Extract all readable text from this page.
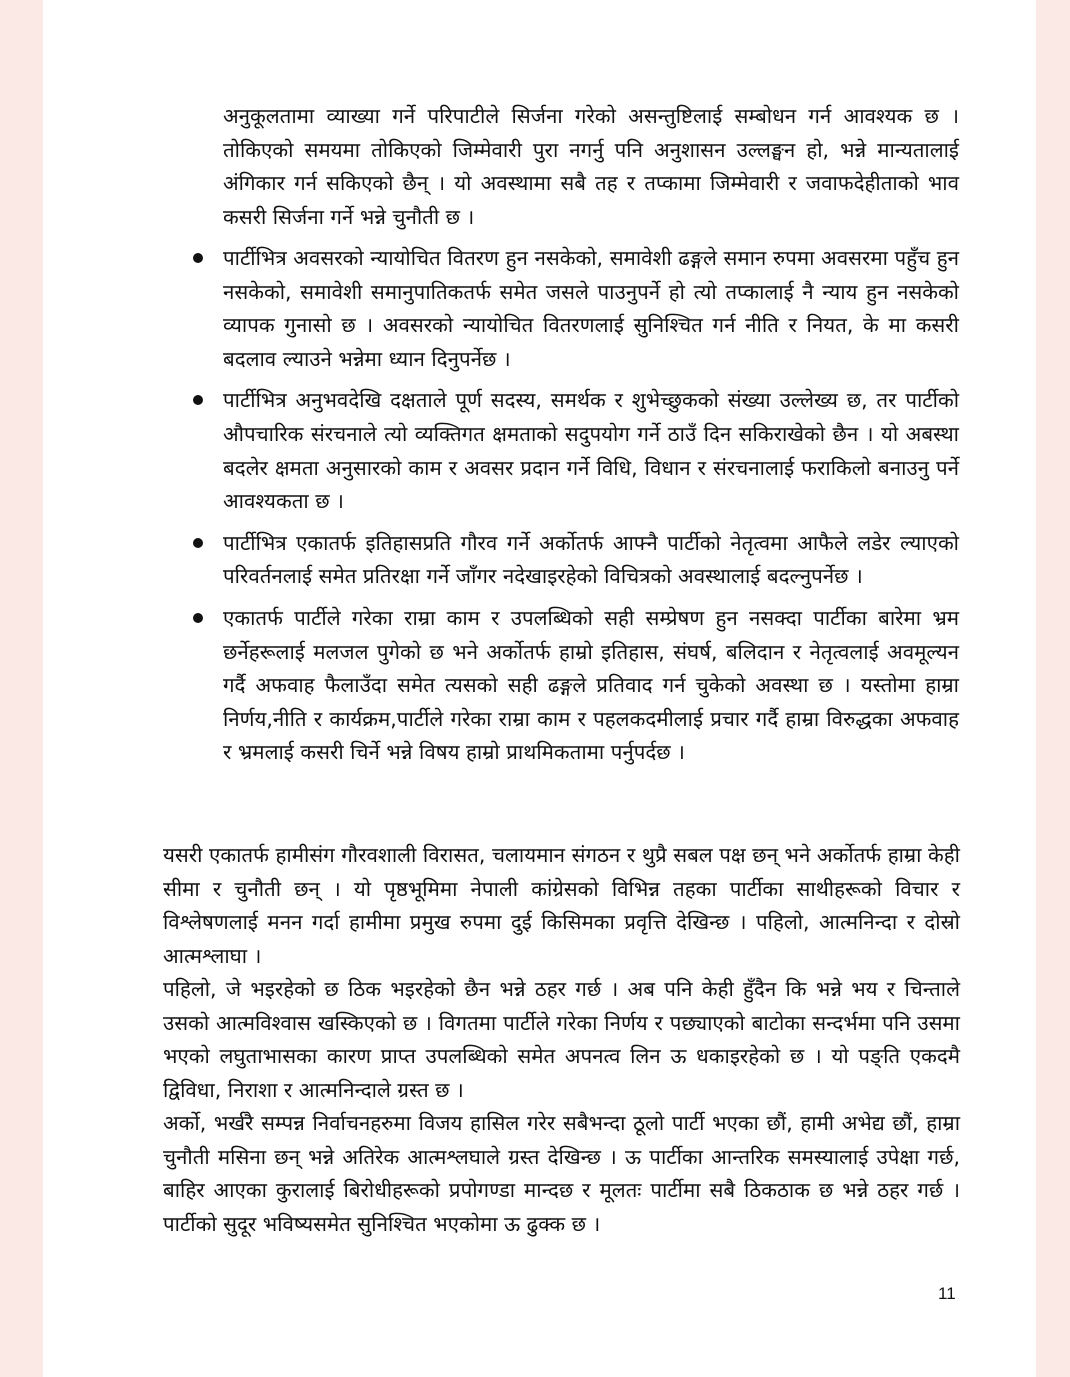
अनुकूलतामा व्याख्या गर्ने परिपाटीले सिर्जना गरेको असन्तुष्टिलाई सम्बोधन गर्न आवश्यक छ । तोकिएको समयमा तोकिएको जिम्मेवारी पुरा नगर्नु पनि अनुशासन उल्लङ्घन हो, भन्ने मान्यतालाई अंगिकार गर्न सकिएको छैन् । यो अवस्थामा सबै तह र तप्कामा जिम्मेवारी र जवाफदेहीताको भाव कसरी सिर्जना गर्ने भन्ने चुनौती छ ।

पार्टीभित्र अवसरको न्यायोचित वितरण हुन नसकेको, समावेशी ढङ्गले समान रुपमा अवसरमा पहुँच हुन नसकेको, समावेशी समानुपातिकतर्फ समेत जसले पाउनुपर्ने हो त्यो तप्कालाई नै न्याय हुन नसकेको व्यापक गुनासो छ । अवसरको न्यायोचित वितरणलाई सुनिश्चित गर्न नीति र नियत, के मा कसरी बदलाव ल्याउने भन्नेमा ध्यान दिनुपर्नेछ ।
पार्टीभित्र अनुभवदेखि दक्षताले पूर्ण सदस्य, समर्थक र शुभेच्छुकको संख्या उल्लेख्य छ, तर पार्टीको औपचारिक संरचनाले त्यो व्यक्तिगत क्षमताको सदुपयोग गर्ने ठाउँ दिन सकिराखेको छैन । यो अबस्था बदलेर क्षमता अनुसारको काम र अवसर प्रदान गर्ने विधि, विधान र संरचनालाई फराकिलो बनाउनु पर्ने आवश्यकता छ ।
पार्टीभित्र एकातर्फ इतिहासप्रति गौरव गर्ने अर्कोतर्फ आफ्नै पार्टीको नेतृत्वमा आफैले लडेर ल्याएको परिवर्तनलाई समेत प्रतिरक्षा गर्ने जाँगर नदेखाइरहेको विचित्रको अवस्थालाई बदल्नुपर्नेछ ।
एकातर्फ पार्टीले गरेका राम्रा काम र उपलब्धिको सही सम्प्रेषण हुन नसक्दा पार्टीका बारेमा भ्रम छर्नेहरूलाई मलजल पुगेको छ भने अर्कोतर्फ हाम्रो इतिहास, संघर्ष, बलिदान र नेतृत्वलाई अवमूल्यन गर्दै अफवाह फैलाउँदा समेत त्यसको सही ढङ्गले प्रतिवाद गर्न चुकेको अवस्था छ । यस्तोमा हाम्रा निर्णय,नीति र कार्यक्रम,पार्टीले गरेका राम्रा काम र पहलकदमीलाई प्रचार गर्दै हाम्रा विरुद्धका अफवाह र भ्रमलाई कसरी चिर्ने भन्ने विषय हाम्रो प्राथमिकतामा पर्नुपर्दछ ।

यसरी एकातर्फ हामीसंग गौरवशाली विरासत, चलायमान संगठन र थुप्रै सबल पक्ष छन् भने अर्कोतर्फ हाम्रा केही सीमा र चुनौती छन् । यो पृष्ठभूमिमा नेपाली कांग्रेसको विभिन्न तहका पार्टीका साथीहरूको विचार र विश्लेषणलाई मनन गर्दा हामीमा प्रमुख रुपमा दुई किसिमका प्रवृत्ति देखिन्छ । पहिलो, आत्मनिन्दा र दोस्रो आत्मश्लाघा ।

पहिलो, जे भइरहेको छ ठिक भइरहेको छैन भन्ने ठहर गर्छ । अब पनि केही हुँदैन कि भन्ने भय र चिन्ताले उसको आत्मविश्वास खस्किएको छ । विगतमा पार्टीले गरेका निर्णय र पछ्याएको बाटोका सन्दर्भमा पनि उसमा भएको लघुताभासका कारण प्राप्त उपलब्धिको समेत अपनत्व लिन ऊ धकाइरहेको छ । यो पङ्ति एकदमै द्विविधा, निराशा र आत्मनिन्दाले ग्रस्त छ ।

अर्को, भर्खरै सम्पन्न निर्वाचनहरुमा विजय हासिल गरेर सबैभन्दा ठूलो पार्टी भएका छौं, हामी अभेद्य छौं, हाम्रा चुनौती मसिना छन् भन्ने अतिरेक आत्मश्लघाले ग्रस्त देखिन्छ । ऊ पार्टीका आन्तरिक समस्यालाई उपेक्षा गर्छ, बाहिर आएका कुरालाई बिरोधीहरूको प्रपोगण्डा मान्दछ र मूलतः पार्टीमा सबै ठिकठाक छ भन्ने ठहर गर्छ । पार्टीको सुदूर भविष्यसमेत सुनिश्चित भएकोमा ऊ ढुक्क छ ।

11
